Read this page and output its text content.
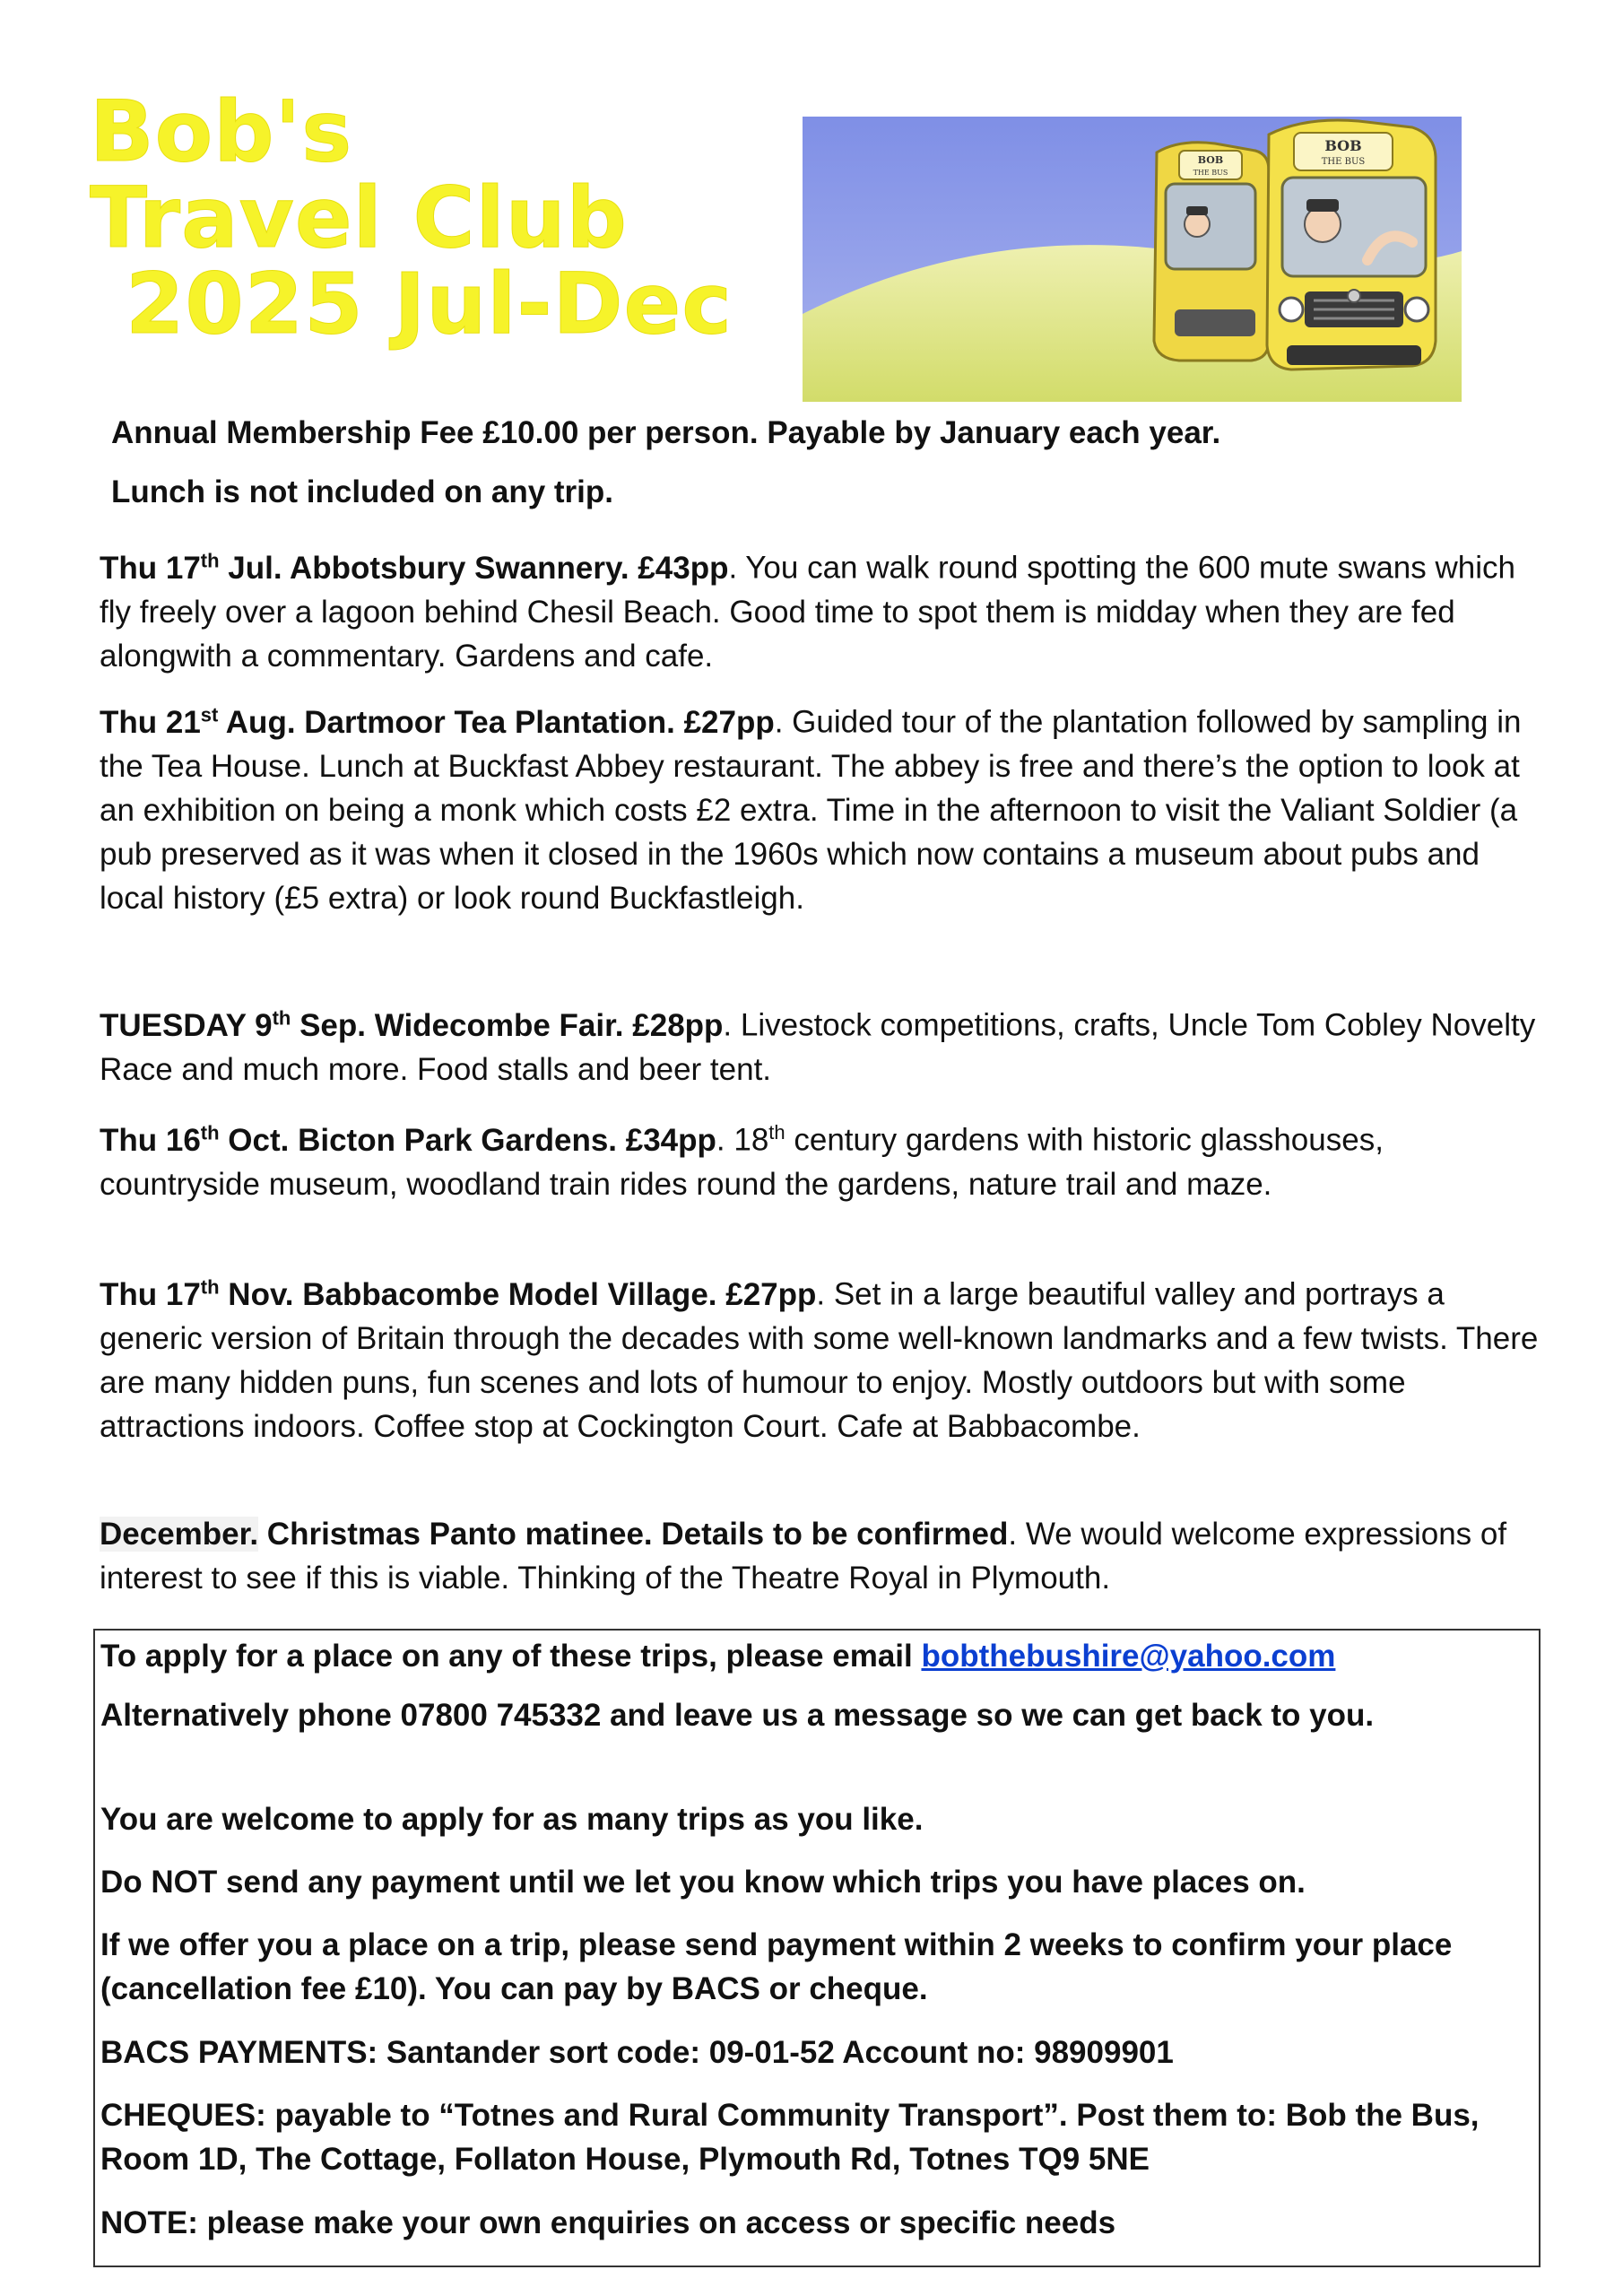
Bob's
Travel Club
2025 Jul-Dec
BOB
THE BUS
BOB
THE BUS
Annual Membership Fee £10.00 per person. Payable by January each year.
Lunch is not included on any trip.
Thu 17th Jul. Abbotsbury Swannery. £43pp. You can walk round spotting the 600 mute swans which fly freely over a lagoon behind Chesil Beach. Good time to spot them is midday when they are fed alongwith a commentary. Gardens and cafe.
Thu 21st Aug. Dartmoor Tea Plantation. £27pp. Guided tour of the plantation followed by sampling in the Tea House. Lunch at Buckfast Abbey restaurant. The abbey is free and there’s the option to look at an exhibition on being a monk which costs £2 extra. Time in the afternoon to visit the Valiant Soldier (a pub preserved as it was when it closed in the 1960s which now contains a museum about pubs and local history (£5 extra) or look round Buckfastleigh.
TUESDAY 9th Sep. Widecombe Fair. £28pp. Livestock competitions, crafts, Uncle Tom Cobley Novelty Race and much more. Food stalls and beer tent.
Thu 16th Oct. Bicton Park Gardens. £34pp. 18th century gardens with historic glasshouses, countryside museum, woodland train rides round the gardens, nature trail and maze.
Thu 17th Nov. Babbacombe Model Village. £27pp. Set in a large beautiful valley and portrays a generic version of Britain through the decades with some well-known landmarks and a few twists. There are many hidden puns, fun scenes and lots of humour to enjoy. Mostly outdoors but with some attractions indoors. Coffee stop at Cockington Court. Cafe at Babbacombe.
December. Christmas Panto matinee. Details to be confirmed. We would welcome expressions of interest to see if this is viable. Thinking of the Theatre Royal in Plymouth.
To apply for a place on any of these trips, please email bobthebushire@yahoo.com
Alternatively phone 07800 745332 and leave us a message so we can get back to you.
You are welcome to apply for as many trips as you like.
Do NOT send any payment until we let you know which trips you have places on.
If we offer you a place on a trip, please send payment within 2 weeks to confirm your place (cancellation fee £10). You can pay by BACS or cheque.
BACS PAYMENTS: Santander sort code: 09-01-52 Account no: 98909901
CHEQUES: payable to “Totnes and Rural Community Transport”. Post them to: Bob the Bus, Room 1D, The Cottage, Follaton House, Plymouth Rd, Totnes TQ9 5NE
NOTE: please make your own enquiries on access or specific needs
